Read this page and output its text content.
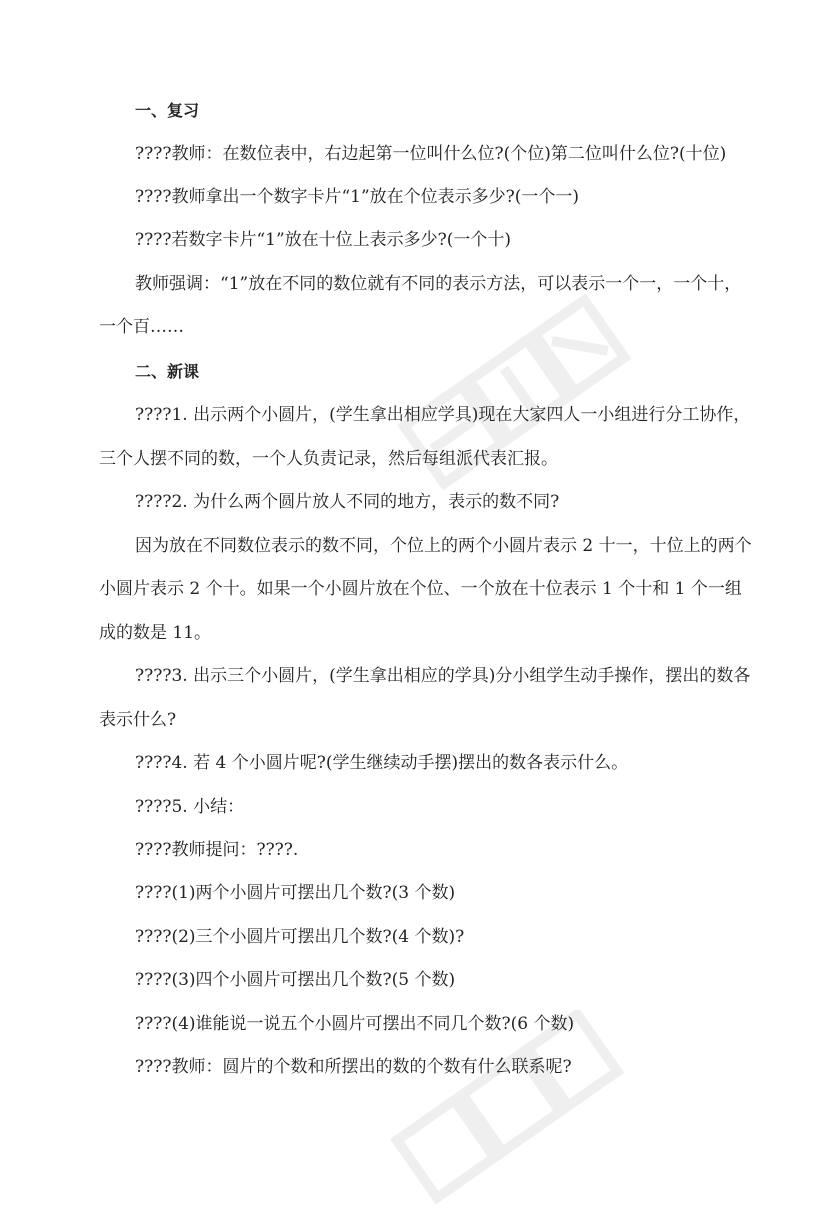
一、复习
????教师：在数位表中，右边起第一位叫什么位?(个位)第二位叫什么位?(十位)
????教师拿出一个数字卡片“1”放在个位表示多少?(一个一)
????若数字卡片“1”放在十位上表示多少?(一个十)
教师强调：“1”放在不同的数位就有不同的表示方法，可以表示一个一，一个十，
一个百……
二、新课
????1. 出示两个小圆片，(学生拿出相应学具)现在大家四人一小组进行分工协作，
三个人摆不同的数，一个人负责记录，然后每组派代表汇报。
????2. 为什么两个圆片放人不同的地方，表示的数不同?
因为放在不同数位表示的数不同，个位上的两个小圆片表示 2 十一，十位上的两个
小圆片表示 2 个十。如果一个小圆片放在个位、一个放在十位表示 1 个十和 1 个一组
成的数是 11。
????3. 出示三个小圆片，(学生拿出相应的学具)分小组学生动手操作，摆出的数各
表示什么?
????4. 若 4 个小圆片呢?(学生继续动手摆)摆出的数各表示什么。
????5. 小结：
????教师提问：????.
????(1)两个小圆片可摆出几个数?(3 个数)
????(2)三个小圆片可摆出几个数?(4 个数)?
????(3)四个小圆片可摆出几个数?(5 个数)
????(4)谁能说一说五个小圆片可摆出不同几个数?(6 个数)
????教师：圆片的个数和所摆出的数的个数有什么联系呢?
